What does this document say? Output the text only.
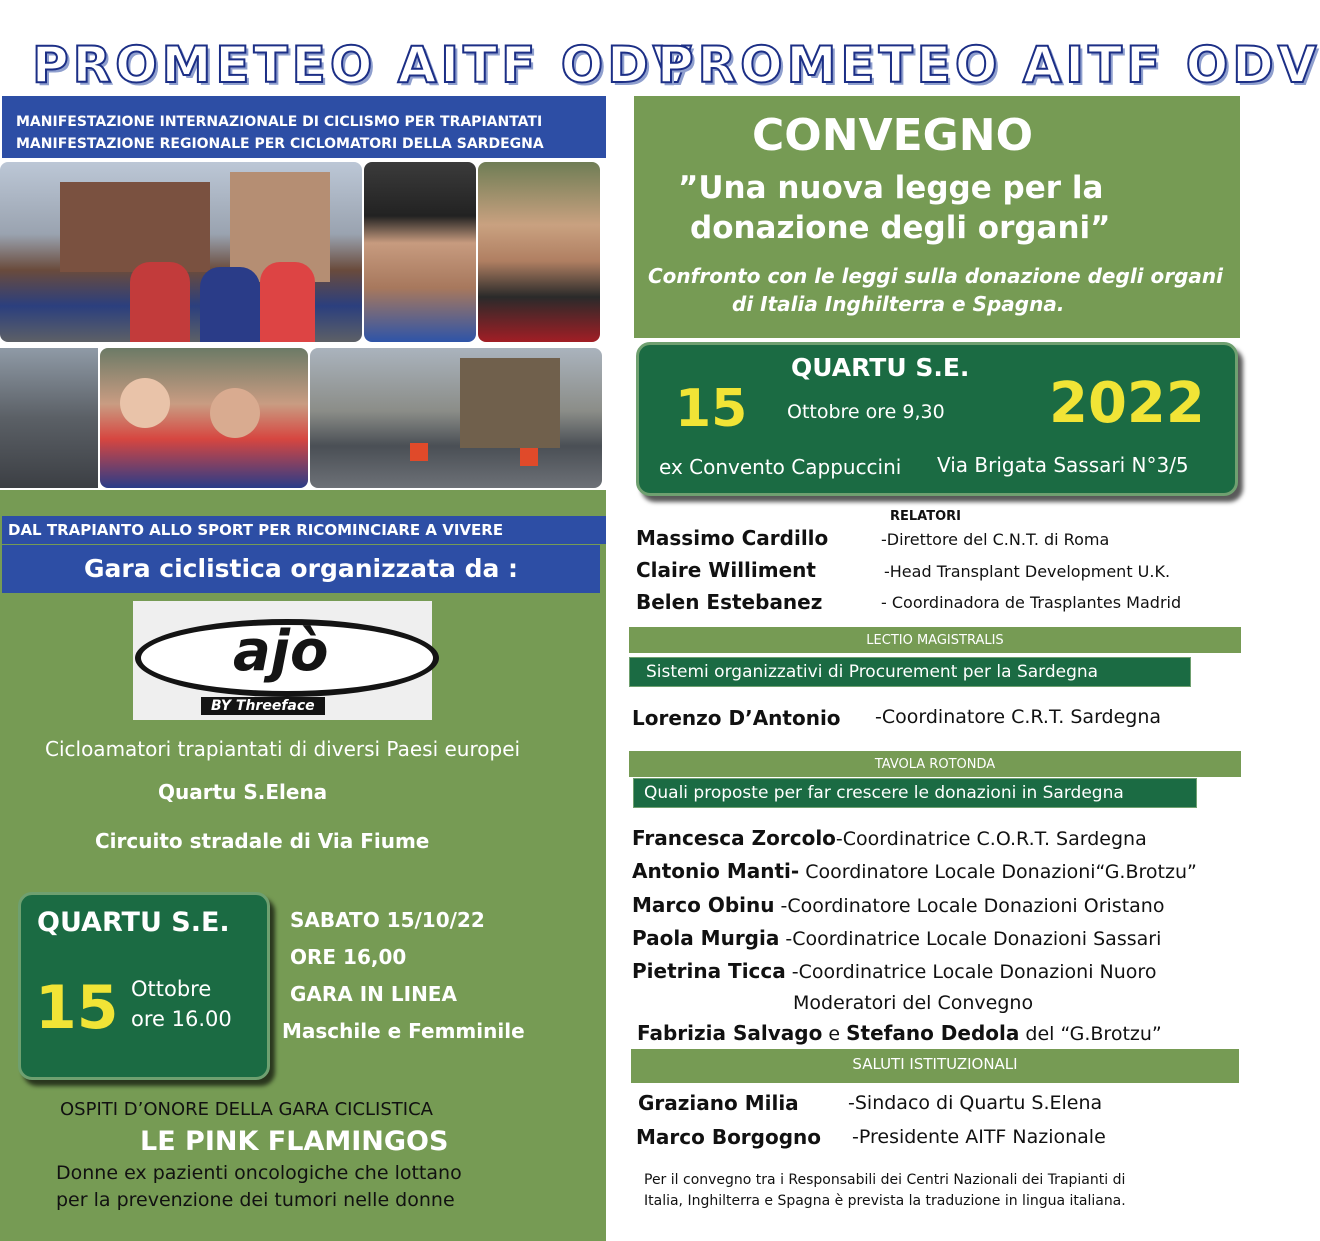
PROMETEO AITF ODV
MANIFESTAZIONE INTERNAZIONALE DI CICLISMO PER TRAPIANTATI
MANIFESTAZIONE REGIONALE PER CICLOMATORI DELLA SARDEGNA
DAL TRAPIANTO ALLO SPORT PER RICOMINCIARE A VIVERE
Gara ciclistica organizzata da :
ajò
BY Threeface
Cicloamatori trapiantati di diversi Paesi europei
Quartu S.Elena
Circuito stradale di Via Fiume
QUARTU S.E.
15 Ottobre
ore 16.00
SABATO 15/10/22
ORE 16,00
GARA IN LINEA
Maschile e Femminile
OSPITI D’ONORE DELLA GARA CICLISTICA
LE PINK FLAMINGOS
Donne ex pazienti oncologiche che lottano
per la prevenzione dei tumori nelle donne
PROMETEO AITF ODV
CONVEGNO
”Una nuova legge per la
donazione degli organi”
Confronto con le leggi sulla donazione degli organi
di Italia Inghilterra e Spagna.
QUARTU S.E.
15 Ottobre ore 9,30 2022
ex Convento Cappuccini Via Brigata Sassari N°3/5
RELATORI
Massimo Cardillo	-Direttore del C.N.T. di Roma
Claire Williment	-Head Transplant Development U.K.
Belen Estebanez	- Coordinadora de Trasplantes Madrid
LECTIO MAGISTRALIS
Sistemi organizzativi di Procurement per la Sardegna
Lorenzo D’Antonio -Coordinatore C.R.T. Sardegna
TAVOLA ROTONDA
Quali proposte per far crescere le donazioni in Sardegna
Francesca Zorcolo-Coordinatrice C.O.R.T. Sardegna
Antonio Manti- Coordinatore Locale Donazioni“G.Brotzu”
Marco Obinu -Coordinatore Locale Donazioni Oristano
Paola Murgia -Coordinatrice Locale Donazioni Sassari
Pietrina Ticca -Coordinatrice Locale Donazioni Nuoro
Moderatori del Convegno
Fabrizia Salvago e Stefano Dedola del “G.Brotzu”
SALUTI ISTITUZIONALI
Graziano Milia	-Sindaco di Quartu S.Elena
Marco Borgogno -Presidente AITF Nazionale
Per il convegno tra i Responsabili dei Centri Nazionali dei Trapianti di
Italia, Inghilterra e Spagna è prevista la traduzione in lingua italiana.
